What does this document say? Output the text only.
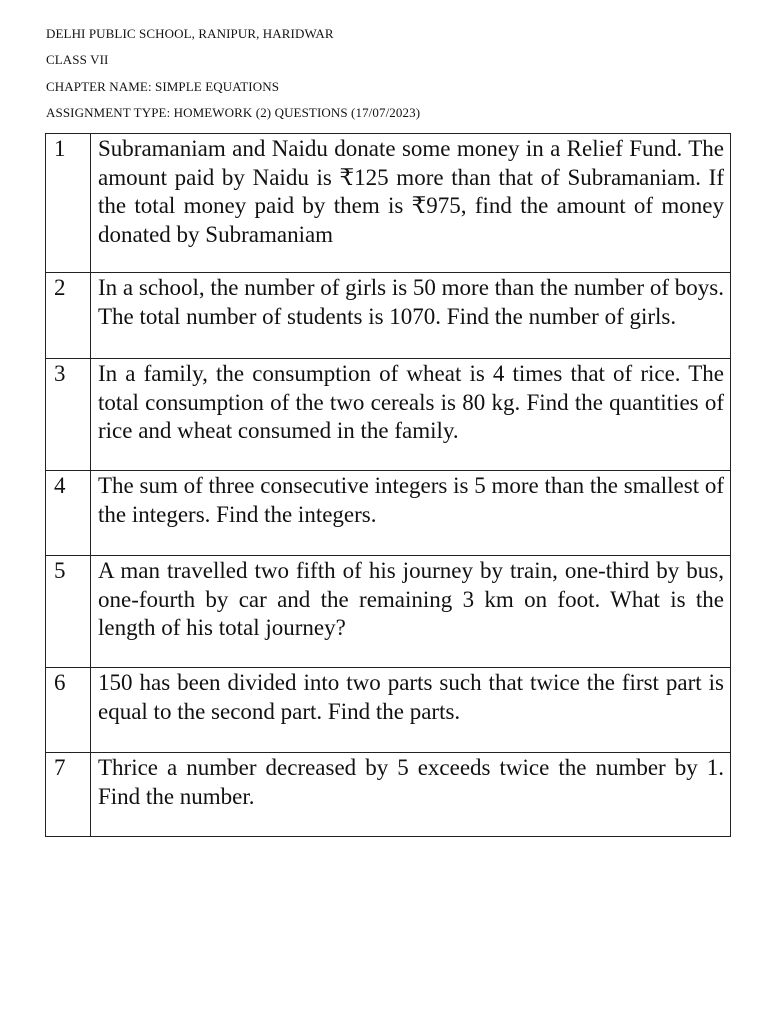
DELHI PUBLIC SCHOOL, RANIPUR, HARIDWAR
CLASS VII
CHAPTER NAME: SIMPLE EQUATIONS
ASSIGNMENT TYPE: HOMEWORK (2) QUESTIONS (17/07/2023)
1	Subramaniam and Naidu donate some money in a Relief Fund. The amount paid by Naidu is ₹125 more than that of Subramaniam. If the total money paid by them is ₹975, find the amount of money donated by Subramaniam
2	In a school, the number of girls is 50 more than the number of boys. The total number of students is 1070. Find the number of girls.
3	In a family, the consumption of wheat is 4 times that of rice. The total consumption of the two cereals is 80 kg. Find the quantities of rice and wheat consumed in the family.
4	The sum of three consecutive integers is 5 more than the smallest of the integers. Find the integers.
5	A man travelled two fifth of his journey by train, one-third by bus, one-fourth by car and the remaining 3 km on foot. What is the length of his total journey?
6	150 has been divided into two parts such that twice the first part is equal to the second part. Find the parts.
7	Thrice a number decreased by 5 exceeds twice the number by 1. Find the number.
